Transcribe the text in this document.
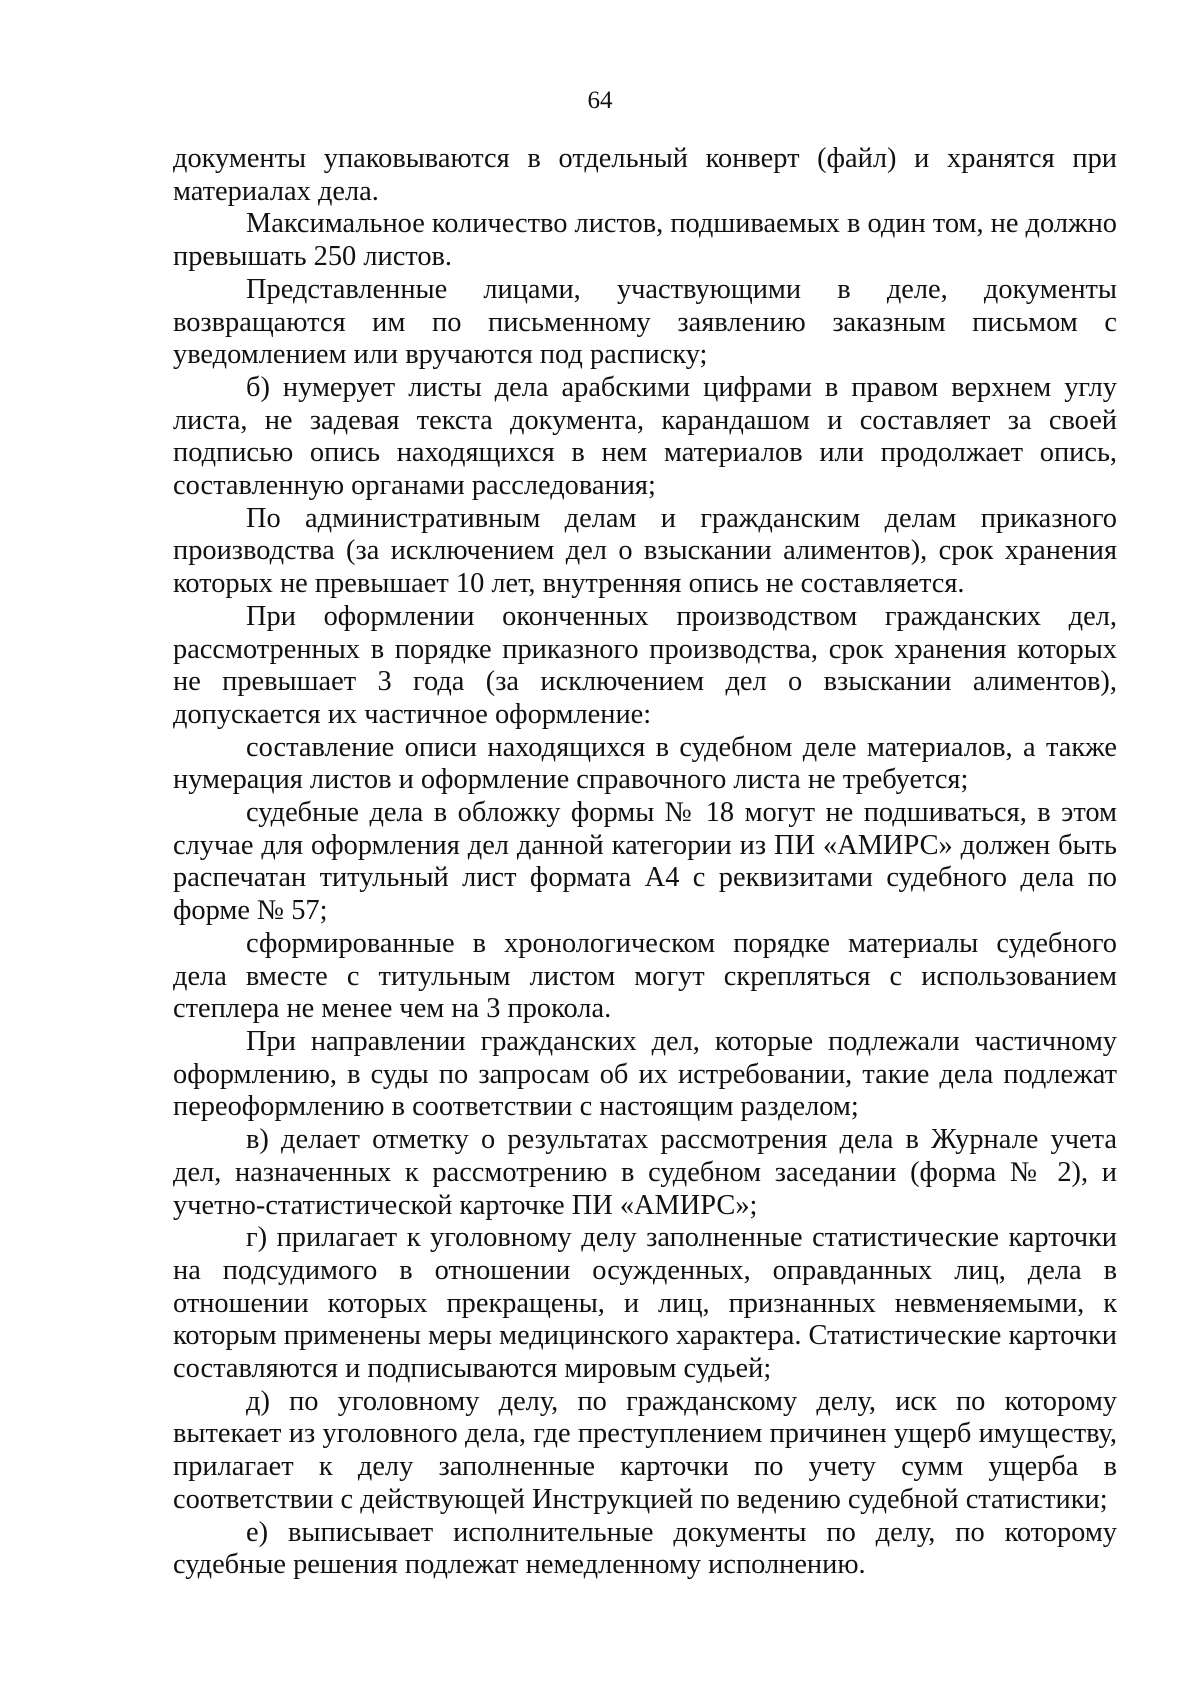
64

документы упаковываются в отдельный конверт (файл) и хранятся при материалах дела.

Максимальное количество листов, подшиваемых в один том, не должно превышать 250 листов.

Представленные лицами, участвующими в деле, документы возвращаются им по письменному заявлению заказным письмом с уведомлением или вручаются под расписку;

б) нумерует листы дела арабскими цифрами в правом верхнем углу листа, не задевая текста документа, карандашом и составляет за своей подписью опись находящихся в нем материалов или продолжает опись, составленную органами расследования;

По административным делам и гражданским делам приказного производства (за исключением дел о взыскании алиментов), срок хранения которых не превышает 10 лет, внутренняя опись не составляется.

При оформлении оконченных производством гражданских дел, рассмотренных в порядке приказного производства, срок хранения которых не превышает 3 года (за исключением дел о взыскании алиментов), допускается их частичное оформление:

составление описи находящихся в судебном деле материалов, а также нумерация листов и оформление справочного листа не требуется;

судебные дела в обложку формы № 18 могут не подшиваться, в этом случае для оформления дел данной категории из ПИ «АМИРС» должен быть распечатан титульный лист формата А4 с реквизитами судебного дела по форме № 57;

сформированные в хронологическом порядке материалы судебного дела вместе с титульным листом могут скрепляться с использованием степлера не менее чем на 3 прокола.

При направлении гражданских дел, которые подлежали частичному оформлению, в суды по запросам об их истребовании, такие дела подлежат переоформлению в соответствии с настоящим разделом;

в) делает отметку о результатах рассмотрения дела в Журнале учета дел, назначенных к рассмотрению в судебном заседании (форма № 2), и учетно-статистической карточке ПИ «АМИРС»;

г) прилагает к уголовному делу заполненные статистические карточки на подсудимого в отношении осужденных, оправданных лиц, дела в отношении которых прекращены, и лиц, признанных невменяемыми, к которым применены меры медицинского характера. Статистические карточки составляются и подписываются мировым судьей;

д) по уголовному делу, по гражданскому делу, иск по которому вытекает из уголовного дела, где преступлением причинен ущерб имуществу, прилагает к делу заполненные карточки по учету сумм ущерба в соответствии с действующей Инструкцией по ведению судебной статистики;

е) выписывает исполнительные документы по делу, по которому судебные решения подлежат немедленному исполнению.
